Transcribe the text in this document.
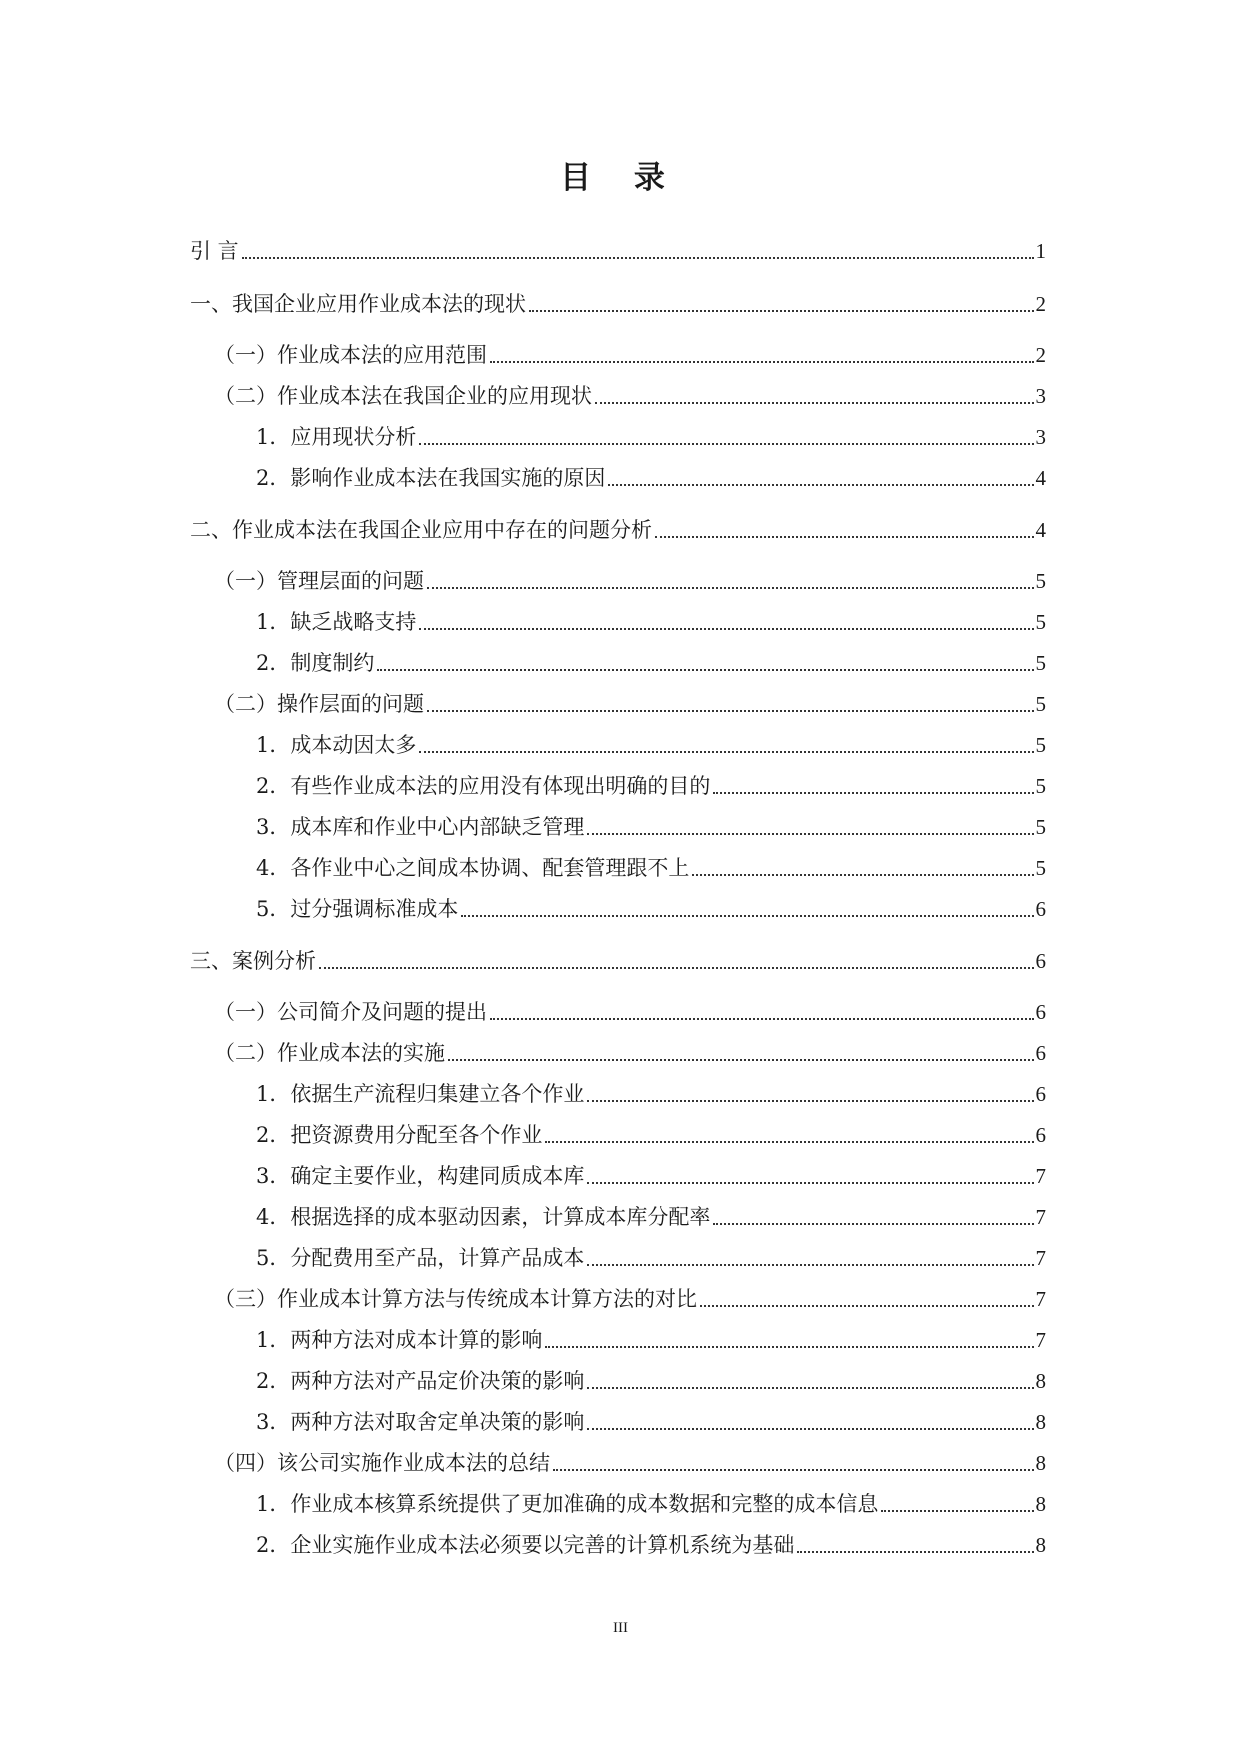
目 录
引 言	1
一、我国企业应用作业成本法的现状	2
（一）作业成本法的应用范围	2
（二）作业成本法在我国企业的应用现状	3
1．应用现状分析	3
2．影响作业成本法在我国实施的原因	4
二、作业成本法在我国企业应用中存在的问题分析	4
（一）管理层面的问题	5
1．缺乏战略支持	5
2．制度制约	5
（二）操作层面的问题	5
1．成本动因太多	5
2．有些作业成本法的应用没有体现出明确的目的	5
3．成本库和作业中心内部缺乏管理	5
4．各作业中心之间成本协调、配套管理跟不上	5
5．过分强调标准成本	6
三、案例分析	6
（一）公司简介及问题的提出	6
（二）作业成本法的实施	6
1．依据生产流程归集建立各个作业	6
2．把资源费用分配至各个作业	6
3．确定主要作业，构建同质成本库	7
4．根据选择的成本驱动因素，计算成本库分配率	7
5．分配费用至产品，计算产品成本	7
（三）作业成本计算方法与传统成本计算方法的对比	7
1．两种方法对成本计算的影响	7
2．两种方法对产品定价决策的影响	8
3．两种方法对取舍定单决策的影响	8
（四）该公司实施作业成本法的总结	8
1．作业成本核算系统提供了更加准确的成本数据和完整的成本信息	8
2．企业实施作业成本法必须要以完善的计算机系统为基础	8
III
